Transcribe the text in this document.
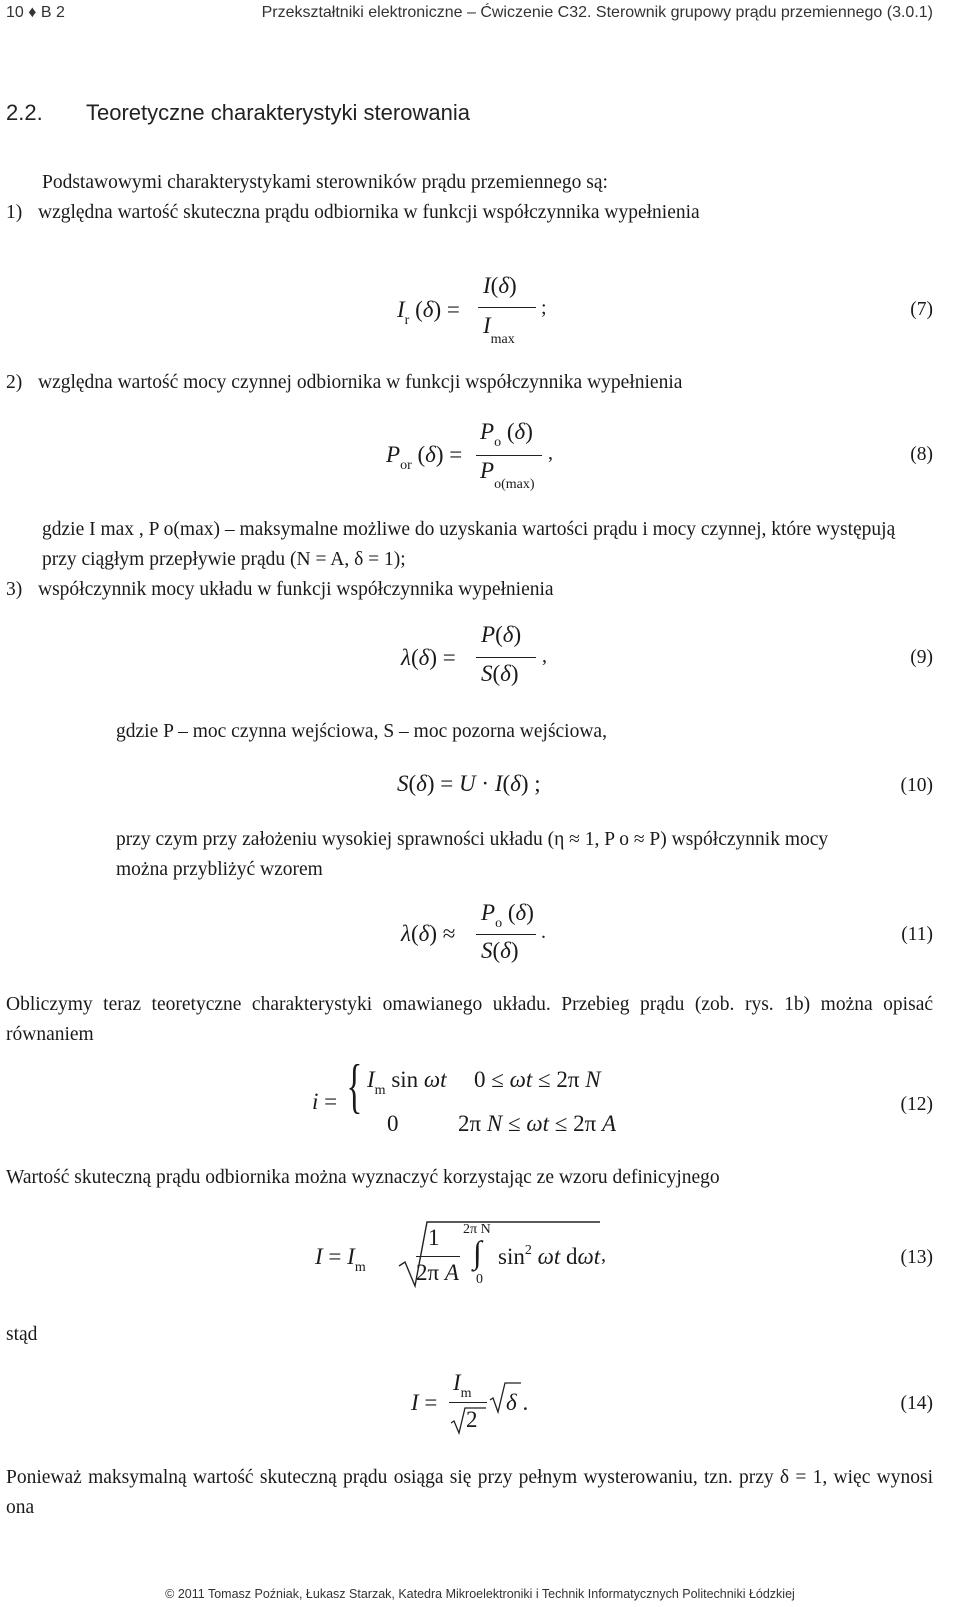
10 ♦ B 2	Przekształtniki elektroniczne – Ćwiczenie C32. Sterownik grupowy prądu przemiennego (3.0.1)
2.2. Teoretyczne charakterystyki sterowania
Podstawowymi charakterystykami sterowników prądu przemiennego są:
1) względna wartość skuteczna prądu odbiornika w funkcji współczynnika wypełnienia
$I_r$ (δ) =
I(δ)
$I_{max}$
;	(7)
2) względna wartość mocy czynnej odbiornika w funkcji współczynnika wypełnienia
$P_{or}$ (δ) =
$P_o$ (δ)
$P_{o(max)}$
,	(8)
gdzie I max , P o(max) – maksymalne możliwe do uzyskania wartości prądu i mocy czynnej, które występują przy ciągłym przepływie prądu (N = A, δ = 1);
3) współczynnik mocy układu w funkcji współczynnika wypełnienia
λ(δ) =
P(δ)
S(δ)
,	(9)
gdzie P – moc czynna wejściowa, S – moc pozorna wejściowa,
S(δ) = U · I(δ) ;	(10)
przy czym przy założeniu wysokiej sprawności układu (η ≈ 1, P o ≈ P) współczynnik mocy można przybliżyć wzorem
λ(δ) ≈
$P_o$ (δ)
S(δ)
.	(11)
Obliczymy teraz teoretyczne charakterystyki omawianego układu. Przebieg prądu (zob. rys. 1b) można opisać równaniem
i = { $I_m$ sin ωt 0 ≤ ωt ≤ 2π N
0	2π N ≤ ωt ≤ 2π A
(12)
Wartość skuteczną prądu odbiornika można wyznaczyć korzystając ze wzoru definicyjnego
$I = I_m$
1
2π A
2π N
∫
0
$\sin^2 \omega t$ dωt ,	(13)
stąd
I =
$I_m$
2
δ .	(14)
Ponieważ maksymalną wartość skuteczną prądu osiąga się przy pełnym wysterowaniu, tzn. przy δ = 1, więc wynosi ona
© 2011 Tomasz Poźniak, Łukasz Starzak, Katedra Mikroelektroniki i Technik Informatycznych Politechniki Łódzkiej
